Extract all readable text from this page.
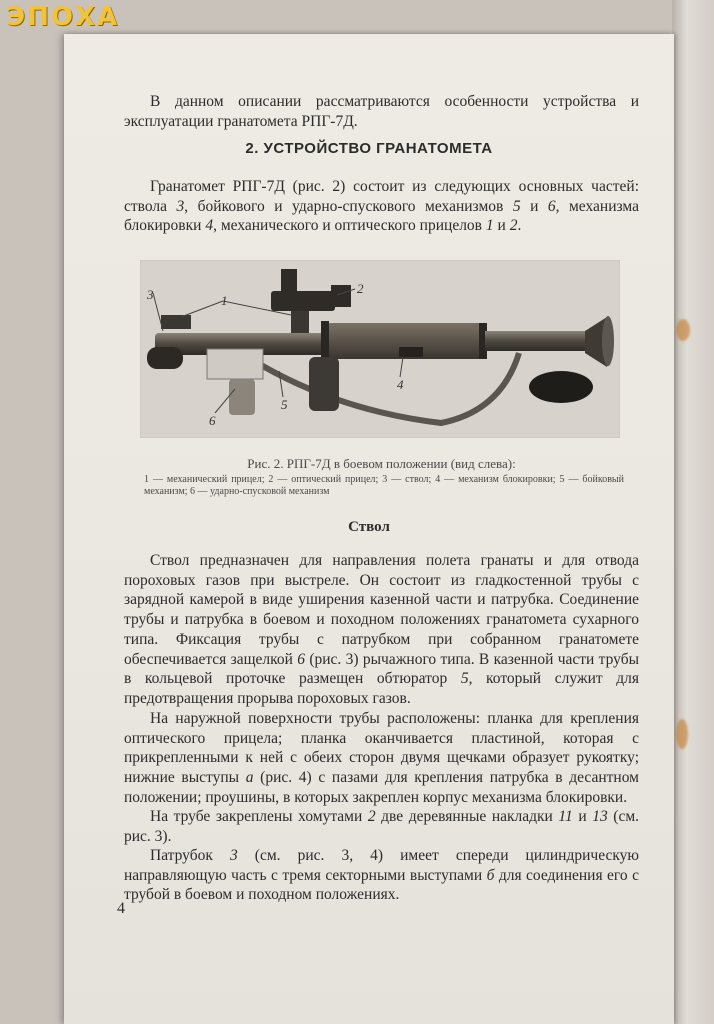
ЭПОХА

В данном описании рассматриваются особенности устройства и эксплуатации гранатомета РПГ-7Д.

2. УСТРОЙСТВО ГРАНАТОМЕТА

Гранатомет РПГ-7Д (рис. 2) состоит из следующих основных частей: ствола 3, бойкового и ударно-спускового механизмов 5 и 6, механизма блокировки 4, механического и оптического прицелов 1 и 2.

3	1
2
4
5
6
Рис. 2. РПГ-7Д в боевом положении (вид слева):
1 — механический прицел; 2 — оптический прицел; 3 — ствол; 4 — механизм блокировки; 5 — бойковый механизм; 6 — ударно-спусковой механизм
Ствол

Ствол предназначен для направления полета гранаты и для отвода пороховых газов при выстреле. Он состоит из гладкостенной трубы с зарядной камерой в виде уширения казенной части и патрубка. Соединение трубы и патрубка в боевом и походном положениях гранатомета сухарного типа. Фиксация трубы с патрубком при собранном гранатомете обеспечивается защелкой 6 (рис. 3) рычажного типа. В казенной части трубы в кольцевой проточке размещен обтюратор 5, который служит для предотвращения прорыва пороховых газов.

На наружной поверхности трубы расположены: планка для крепления оптического прицела; планка оканчивается пластиной, которая с прикрепленными к ней с обеих сторон двумя щечками образует рукоятку; нижние выступы а (рис. 4) с пазами для крепления патрубка в десантном положении; проушины, в которых закреплен корпус механизма блокировки.

На трубе закреплены хомутами 2 две деревянные накладки 11 и 13 (см. рис. 3).

Патрубок 3 (см. рис. 3, 4) имеет спереди цилиндрическую направляющую часть с тремя секторными выступами б для соединения его с трубой в боевом и походном положениях.

4
